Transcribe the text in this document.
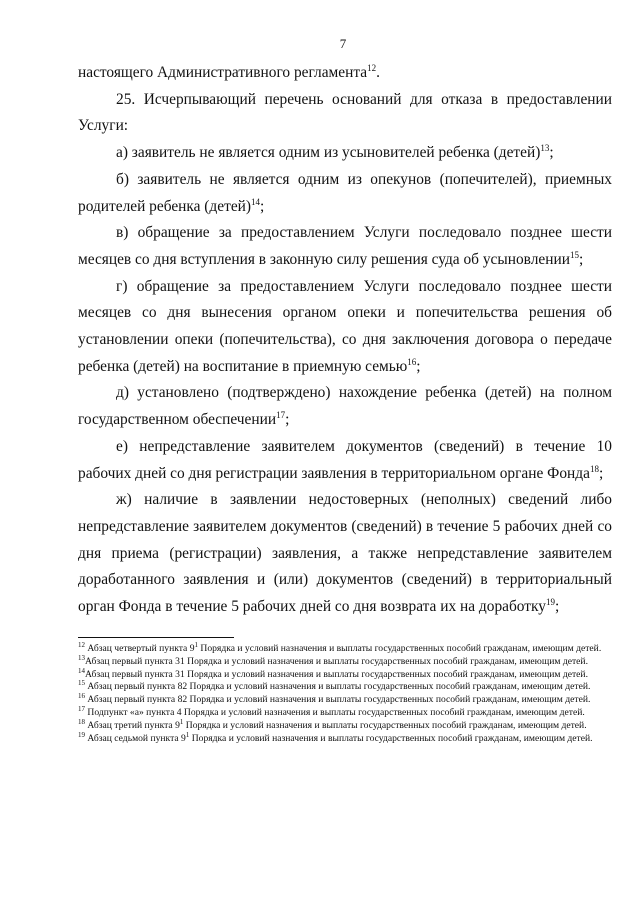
7

настоящего Административного регламента$^{12}$.

25. Исчерпывающий перечень оснований для отказа в предоставлении Услуги:

а) заявитель не является одним из усыновителей ребенка (детей)$^{13}$;

б) заявитель не является одним из опекунов (попечителей), приемных родителей ребенка (детей)$^{14}$;

в) обращение за предоставлением Услуги последовало позднее шести месяцев со дня вступления в законную силу решения суда об усыновлении$^{15}$;

г) обращение за предоставлением Услуги последовало позднее шести месяцев со дня вынесения органом опеки и попечительства решения об установлении опеки (попечительства), со дня заключения договора о передаче ребенка (детей) на воспитание в приемную семью$^{16}$;

д) установлено (подтверждено) нахождение ребенка (детей) на полном государственном обеспечении$^{17}$;

е) непредставление заявителем документов (сведений) в течение 10 рабочих дней со дня регистрации заявления в территориальном органе Фонда$^{18}$;

ж) наличие в заявлении недостоверных (неполных) сведений либо непредставление заявителем документов (сведений) в течение 5 рабочих дней со дня приема (регистрации) заявления, а также непредставление заявителем доработанного заявления и (или) документов (сведений) в территориальный орган Фонда в течение 5 рабочих дней со дня возврата их на доработку$^{19}$;

$^{12}$ Абзац четвертый пункта $9^1$ Порядка и условий назначения и выплаты государственных пособий гражданам, имеющим детей.

$^{13}$Абзац первый пункта 31 Порядка и условий назначения и выплаты государственных пособий гражданам, имеющим детей.

$^{14}$Абзац первый пункта 31 Порядка и условий назначения и выплаты государственных пособий гражданам, имеющим детей.

$^{15}$ Абзац первый пункта 82 Порядка и условий назначения и выплаты государственных пособий гражданам, имеющим детей.

$^{16}$ Абзац первый пункта 82 Порядка и условий назначения и выплаты государственных пособий гражданам, имеющим детей.

$^{17}$ Подпункт «а» пункта 4 Порядка и условий назначения и выплаты государственных пособий гражданам, имеющим детей.

$^{18}$ Абзац третий пункта $9^1$ Порядка и условий назначения и выплаты государственных пособий гражданам, имеющим детей.

$^{19}$ Абзац седьмой пункта $9^1$ Порядка и условий назначения и выплаты государственных пособий гражданам, имеющим детей.
